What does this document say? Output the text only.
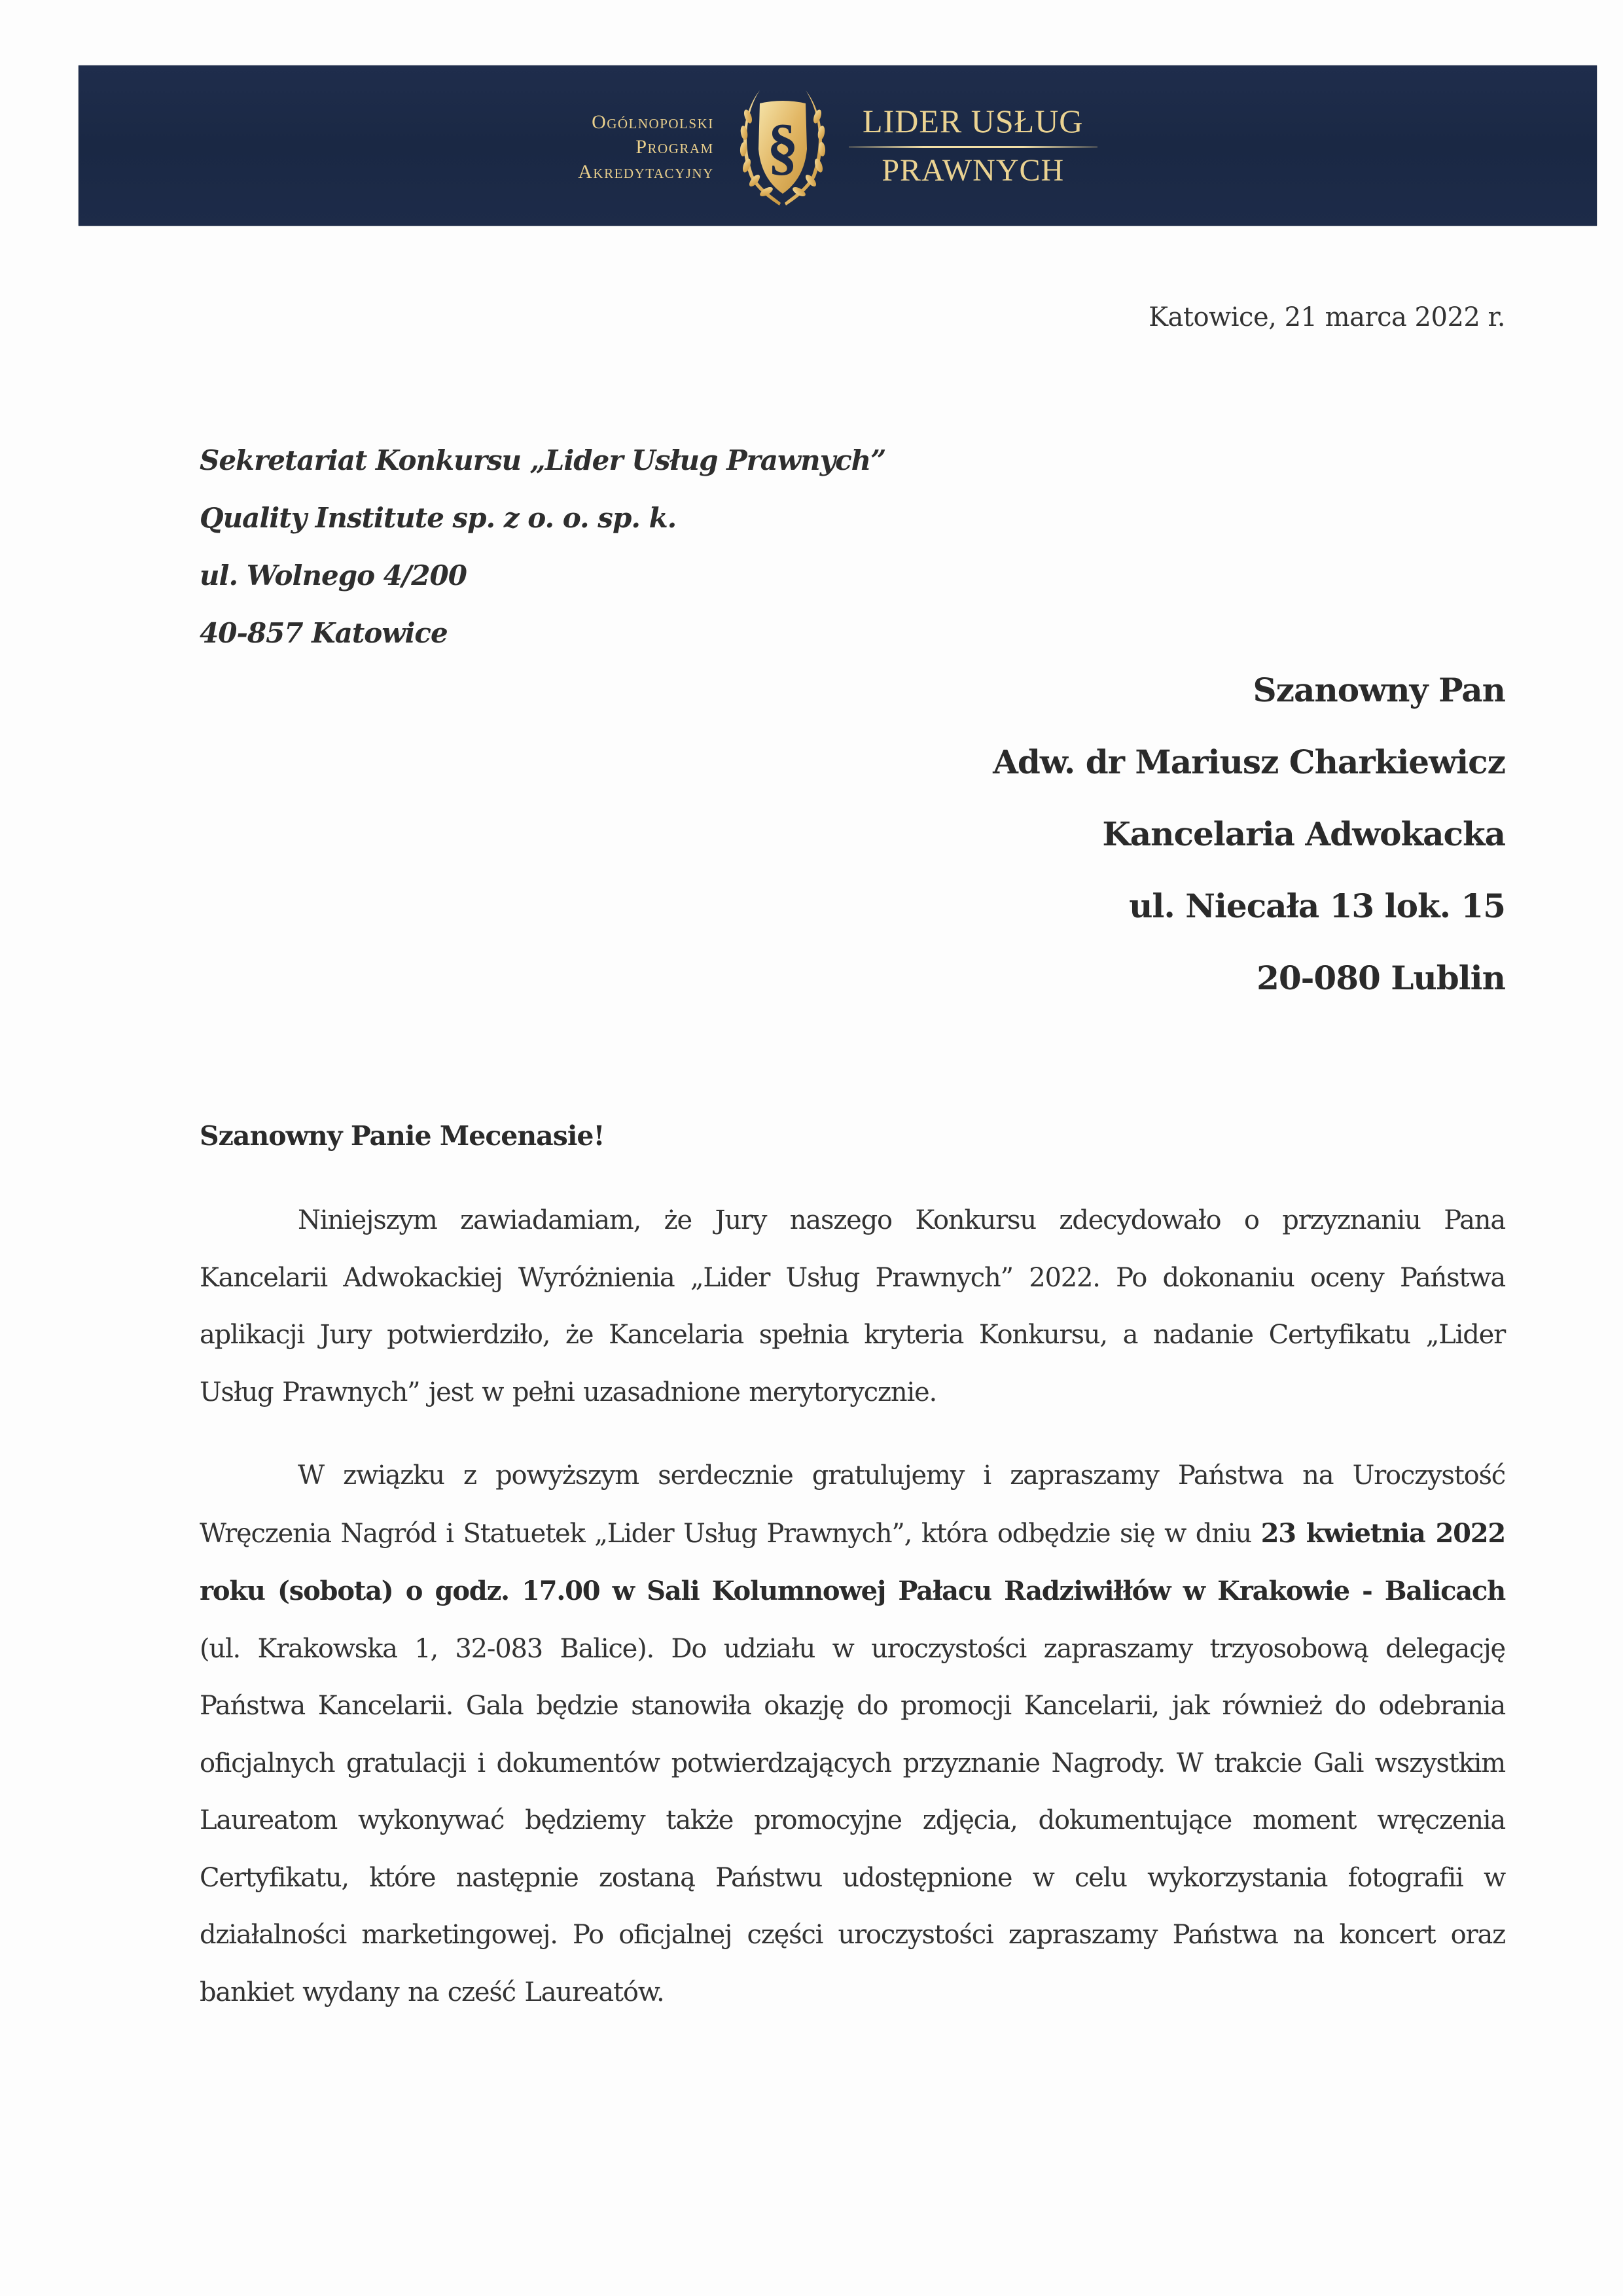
Ogólnopolski
Program
Akredytacyjny §	LIDER USŁUG
PRAWNYCH
Katowice, 21 marca 2022 r.
Sekretariat Konkursu „Lider Usług Prawnych”
Quality Institute sp. z o. o. sp. k.
ul. Wolnego 4/200
40-857 Katowice
Szanowny Pan
Adw. dr Mariusz Charkiewicz
Kancelaria Adwokacka
ul. Niecała 13 lok. 15
20-080 Lublin
Szanowny Panie Mecenasie!

Niniejszym zawiadamiam, że Jury naszego Konkursu zdecydowało o przyznaniu Pana Kancelarii Adwokackiej Wyróżnienia „Lider Usług Prawnych” 2022. Po dokonaniu oceny Państwa aplikacji Jury potwierdziło, że Kancelaria spełnia kryteria Konkursu, a nadanie Certyfikatu „Lider Usług Prawnych” jest w pełni uzasadnione merytorycznie.

W związku z powyższym serdecznie gratulujemy i zapraszamy Państwa na Uroczystość Wręczenia Nagród i Statuetek „Lider Usług Prawnych”, która odbędzie się w dniu 23 kwietnia 2022 roku (sobota) o godz. 17.00 w Sali Kolumnowej Pałacu Radziwiłłów w Krakowie - Balicach (ul. Krakowska 1, 32-083 Balice). Do udziału w uroczystości zapraszamy trzyosobową delegację Państwa Kancelarii. Gala będzie stanowiła okazję do promocji Kancelarii, jak również do odebrania oficjalnych gratulacji i dokumentów potwierdzających przyznanie Nagrody. W trakcie Gali wszystkim Laureatom wykonywać będziemy także promocyjne zdjęcia, dokumentujące moment wręczenia Certyfikatu, które następnie zostaną Państwu udostępnione w celu wykorzystania fotografii w działalności marketingowej. Po oficjalnej części uroczystości zapraszamy Państwa na koncert oraz bankiet wydany na cześć Laureatów.
